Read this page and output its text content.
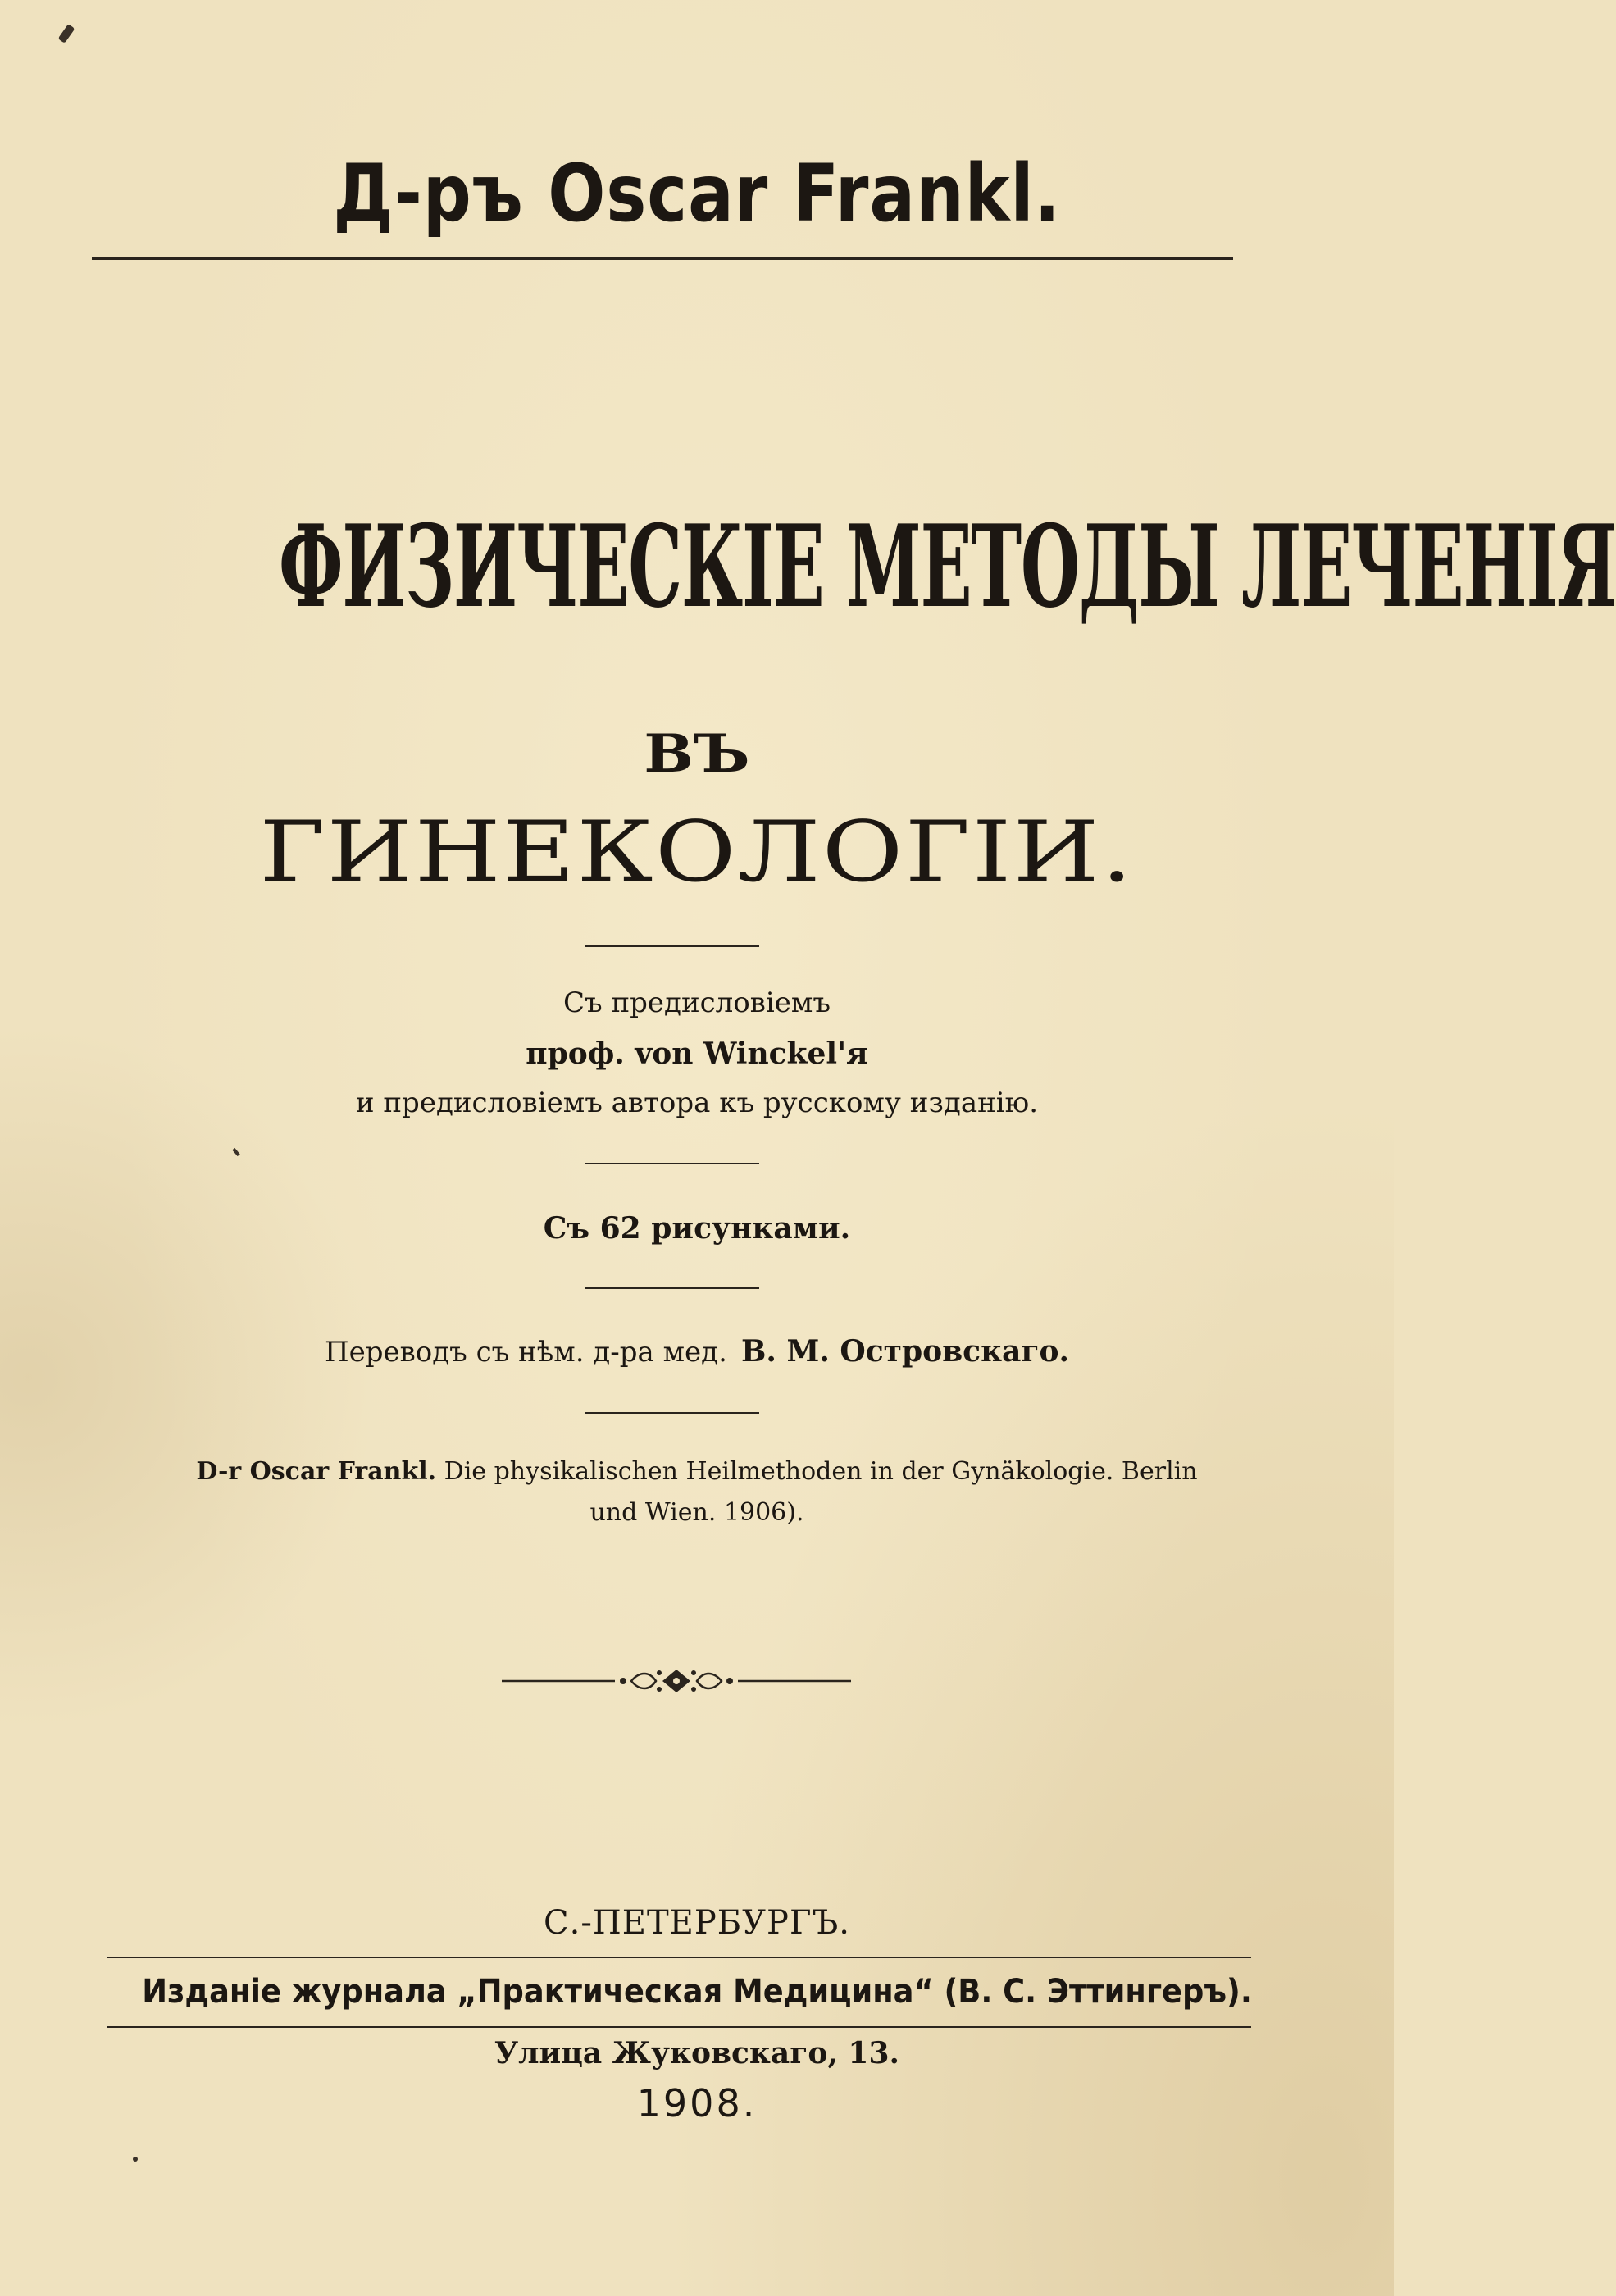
Д-ръ Oscar Frankl.
ФИЗИЧЕСКІЕ МЕТОДЫ ЛЕЧЕНІЯ
ВЪ
ГИНЕКОЛОГІИ.
Съ предисловіемъ
проф. von Winckel'я
и предисловіемъ автора къ русскому изданію.
Съ 62 рисунками.
Переводъ съ нѣм. д-ра мед. В. М. Островскаго.
D-r Oscar Frankl. Die physikalischen Heilmethoden in der Gynäkologie. Berlin
und Wien. 1906).
С.-ПЕТЕРБУРГЪ.
Изданіе журнала „Практическая Медицина“ (В. С. Эттингеръ).
Улица Жуковскаго, 13.
1908.
